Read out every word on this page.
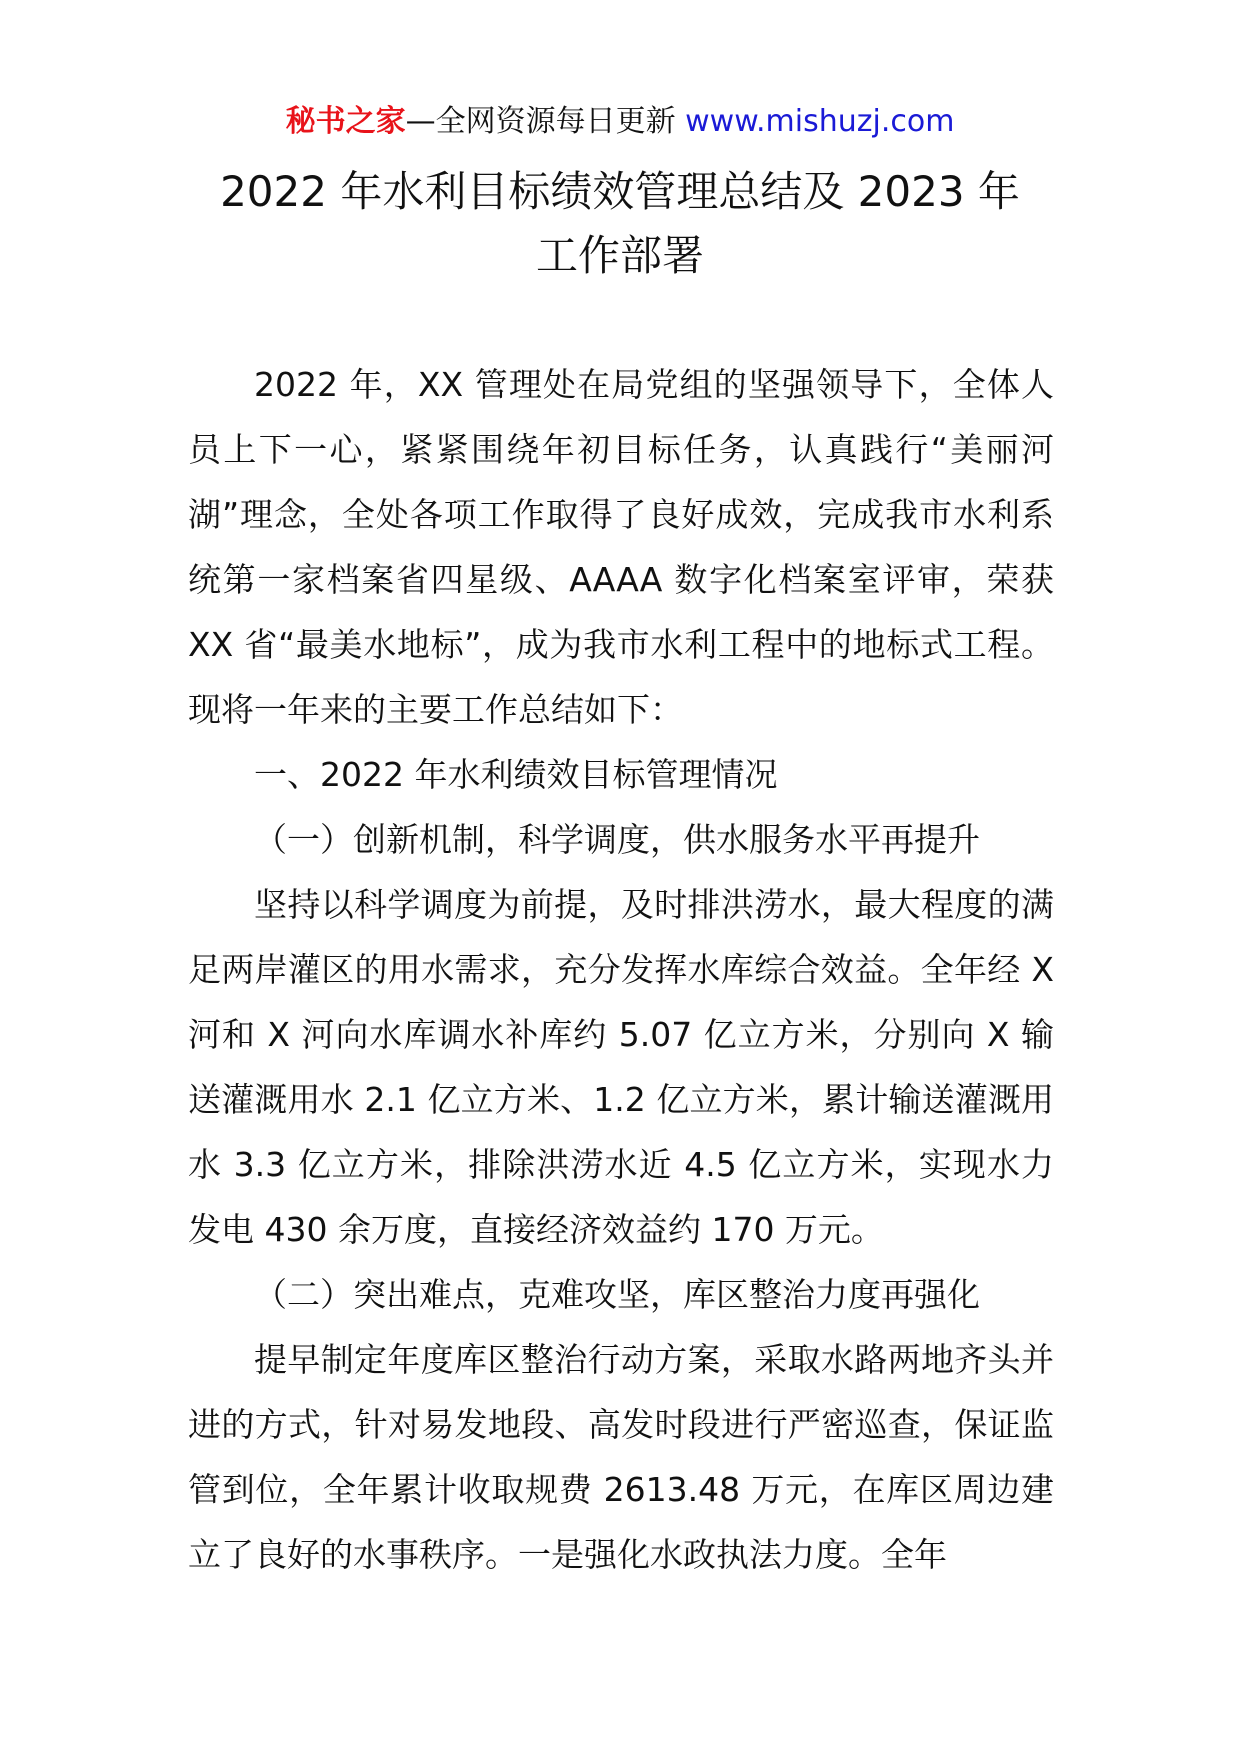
秘书之家—全网资源每日更新 www.mishuzj.com
2022 年水利目标绩效管理总结及 2023 年
工作部署

2022 年，XX 管理处在局党组的坚强领导下，全体人员上下一心，紧紧围绕年初目标任务，认真践行“美丽河湖”理念，全处各项工作取得了良好成效，完成我市水利系统第一家档案省四星级、AAAA 数字化档案室评审，荣获 XX 省“最美水地标”，成为我市水利工程中的地标式工程。现将一年来的主要工作总结如下：

一、2022 年水利绩效目标管理情况

（一）创新机制，科学调度，供水服务水平再提升

坚持以科学调度为前提，及时排洪涝水，最大程度的满足两岸灌区的用水需求，充分发挥水库综合效益。全年经 X 河和 X 河向水库调水补库约 5.07 亿立方米，分别向 X 输送灌溉用水 2.1 亿立方米、1.2 亿立方米，累计输送灌溉用水 3.3 亿立方米，排除洪涝水近 4.5 亿立方米，实现水力发电 430 余万度，直接经济效益约 170 万元。

（二）突出难点，克难攻坚，库区整治力度再强化

提早制定年度库区整治行动方案，采取水路两地齐头并进的方式，针对易发地段、高发时段进行严密巡查，保证监管到位，全年累计收取规费 2613.48 万元，在库区周边建立了良好的水事秩序。一是强化水政执法力度。全年
